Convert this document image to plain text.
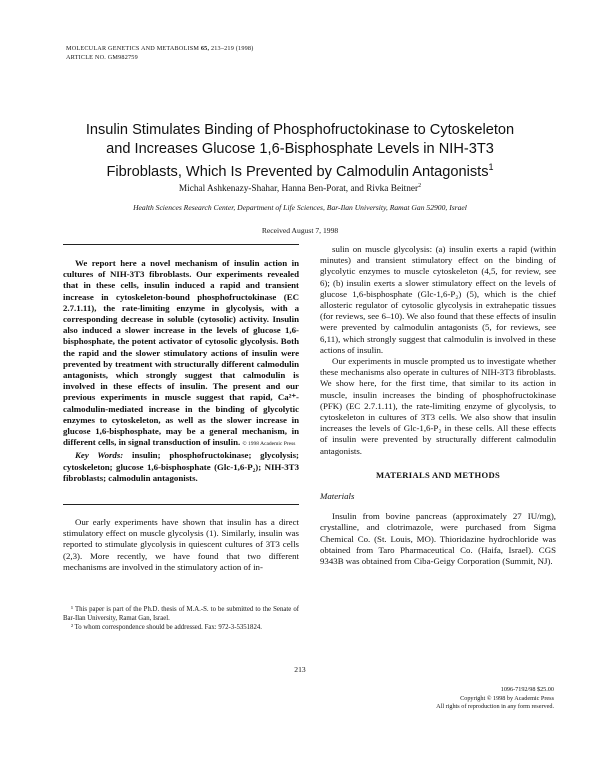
MOLECULAR GENETICS AND METABOLISM 65, 213–219 (1998)
ARTICLE NO. GM982759
Insulin Stimulates Binding of Phosphofructokinase to Cytoskeleton
and Increases Glucose 1,6-Bisphosphate Levels in NIH-3T3
Fibroblasts, Which Is Prevented by Calmodulin Antagonists$^1$
Michal Ashkenazy-Shahar, Hanna Ben-Porat, and Rivka Beitner$^2$
Health Sciences Research Center, Department of Life Sciences, Bar-Ilan University, Ramat Gan 52900, Israel
Received August 7, 1998

We report here a novel mechanism of insulin action in cultures of NIH-3T3 fibroblasts. Our experiments revealed that in these cells, insulin induced a rapid and transient increase in cytoskeleton-bound phosphofructokinase (EC 2.7.1.11), the rate-limiting enzyme in glycolysis, with a corresponding decrease in soluble (cytosolic) activity. Insulin also induced a slower increase in the levels of glucose 1,6-bisphosphate, the potent activator of cytosolic glycolysis. Both the rapid and the slower stimulatory actions of insulin were prevented by treatment with structurally different calmodulin antagonists, which strongly suggest that calmodulin is involved in these effects of insulin. The present and our previous experiments in muscle suggest that rapid, Ca²⁺-calmodulin-mediated increase in the binding of glycolytic enzymes to cytoskeleton, as well as the slower increase in glucose 1,6-bisphosphate, may be a general mechanism, in different cells, in signal transduction of insulin. © 1998 Academic Press

Key Words: insulin; phosphofructokinase; glycolysis; cytoskeleton; glucose 1,6-bisphosphate (Glc-1,6-P₂); NIH-3T3 fibroblasts; calmodulin antagonists.

Our early experiments have shown that insulin has a direct stimulatory effect on muscle glycolysis (1). Similarly, insulin was reported to stimulate glycolysis in quiescent cultures of 3T3 cells (2,3). More recently, we have found that two different mechanisms are involved in the stimulatory action of in-

¹ This paper is part of the Ph.D. thesis of M.A.-S. to be submitted to the Senate of Bar-Ilan University, Ramat Gan, Israel.

² To whom correspondence should be addressed. Fax: 972-3-5351824.

sulin on muscle glycolysis: (a) insulin exerts a rapid (within minutes) and transient stimulatory effect on the binding of glycolytic enzymes to muscle cytoskeleton (4,5, for review, see 6); (b) insulin exerts a slower stimulatory effect on the levels of glucose 1,6-bisphosphate (Glc-1,6-P₂) (5), which is the chief allosteric regulator of cytosolic glycolysis in extrahepatic tissues (for reviews, see 6–10). We also found that these effects of insulin were prevented by calmodulin antagonists (5, for reviews, see 6,11), which strongly suggest that calmodulin is involved in these actions of insulin.

Our experiments in muscle prompted us to investigate whether these mechanisms also operate in cultures of NIH-3T3 fibroblasts. We show here, for the first time, that similar to its action in muscle, insulin increases the binding of phosphofructokinase (PFK) (EC 2.7.1.11), the rate-limiting enzyme of glycolysis, to cytoskeleton in cultures of 3T3 cells. We also show that insulin increases the levels of Glc-1,6-P₂ in these cells. All these effects of insulin were prevented by structurally different calmodulin antagonists.

MATERIALS AND METHODS

Materials

Insulin from bovine pancreas (approximately 27 IU/mg), crystalline, and clotrimazole, were purchased from Sigma Chemical Co. (St. Louis, MO). Thioridazine hydrochloride was obtained from Taro Pharmaceutical Co. (Haifa, Israel). CGS 9343B was obtained from Ciba-Geigy Corporation (Summit, NJ).

213
1096-7192/98 $25.00
Copyright © 1998 by Academic Press
All rights of reproduction in any form reserved.
